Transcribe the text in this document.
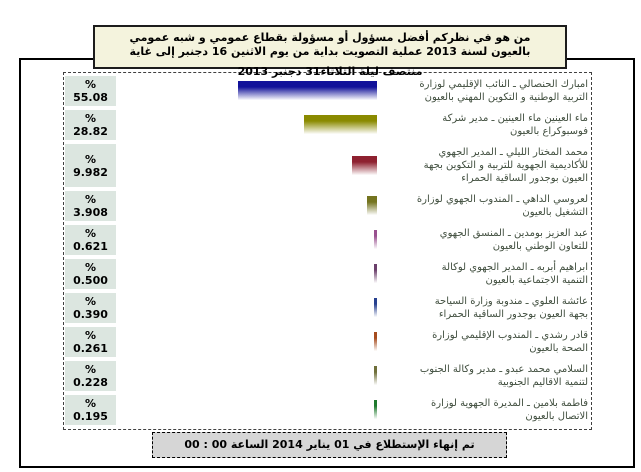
من هو في نظركم أفضل مسؤول أو مسؤولة بقطاع عمومي و شبه عمومي
بالعيون لسنة 2013 عملية التصويت بداية من يوم الاثنين 16 دجنبر إلى غاية
منتصف ليلة الثلاثاء31 دجنبر 2013
%
55.08
امبارك الحنصالي ـ النائب الإقليمي لوزارة التربية الوطنية و التكوين المهني بالعيون
%
28.82
ماء العينين ماء العينين ـ مدير شركة فوسبوكراع بالعيون
%
9.982
محمد المختار الليلي ـ المدير الجهوي للأكاديمية الجهوية للتربية و التكوين بجهة العيون بوجدور الساقية الحمراء
%
3.908
لعروسي الداهي ـ المندوب الجهوي لوزارة التشغيل بالعيون
%
0.621
عبد العزيز بومدين ـ المنسق الجهوي للتعاون الوطني بالعيون
%
0.500
ابراهيم أبربه ـ المدير الجهوي لوكالة التنمية الاجتماعية بالعيون
%
0.390
عائشة العلوي ـ مندوبة وزارة السياحة بجهة العيون بوجدور الساقية الحمراء
%
0.261
قادر رشدي ـ المندوب الإقليمي لوزارة الصحة بالعيون
%
0.228
السلامي محمد عبدو ـ مدير وكالة الجنوب لتنمية الاقاليم الجنوبية
%
0.195
فاطمة بلامين ـ المديرة الجهوية لوزارة الاتصال بالعيون
تم إنهاء الإستطلاع في 01 يناير 2014 الساعة 00 : 00
